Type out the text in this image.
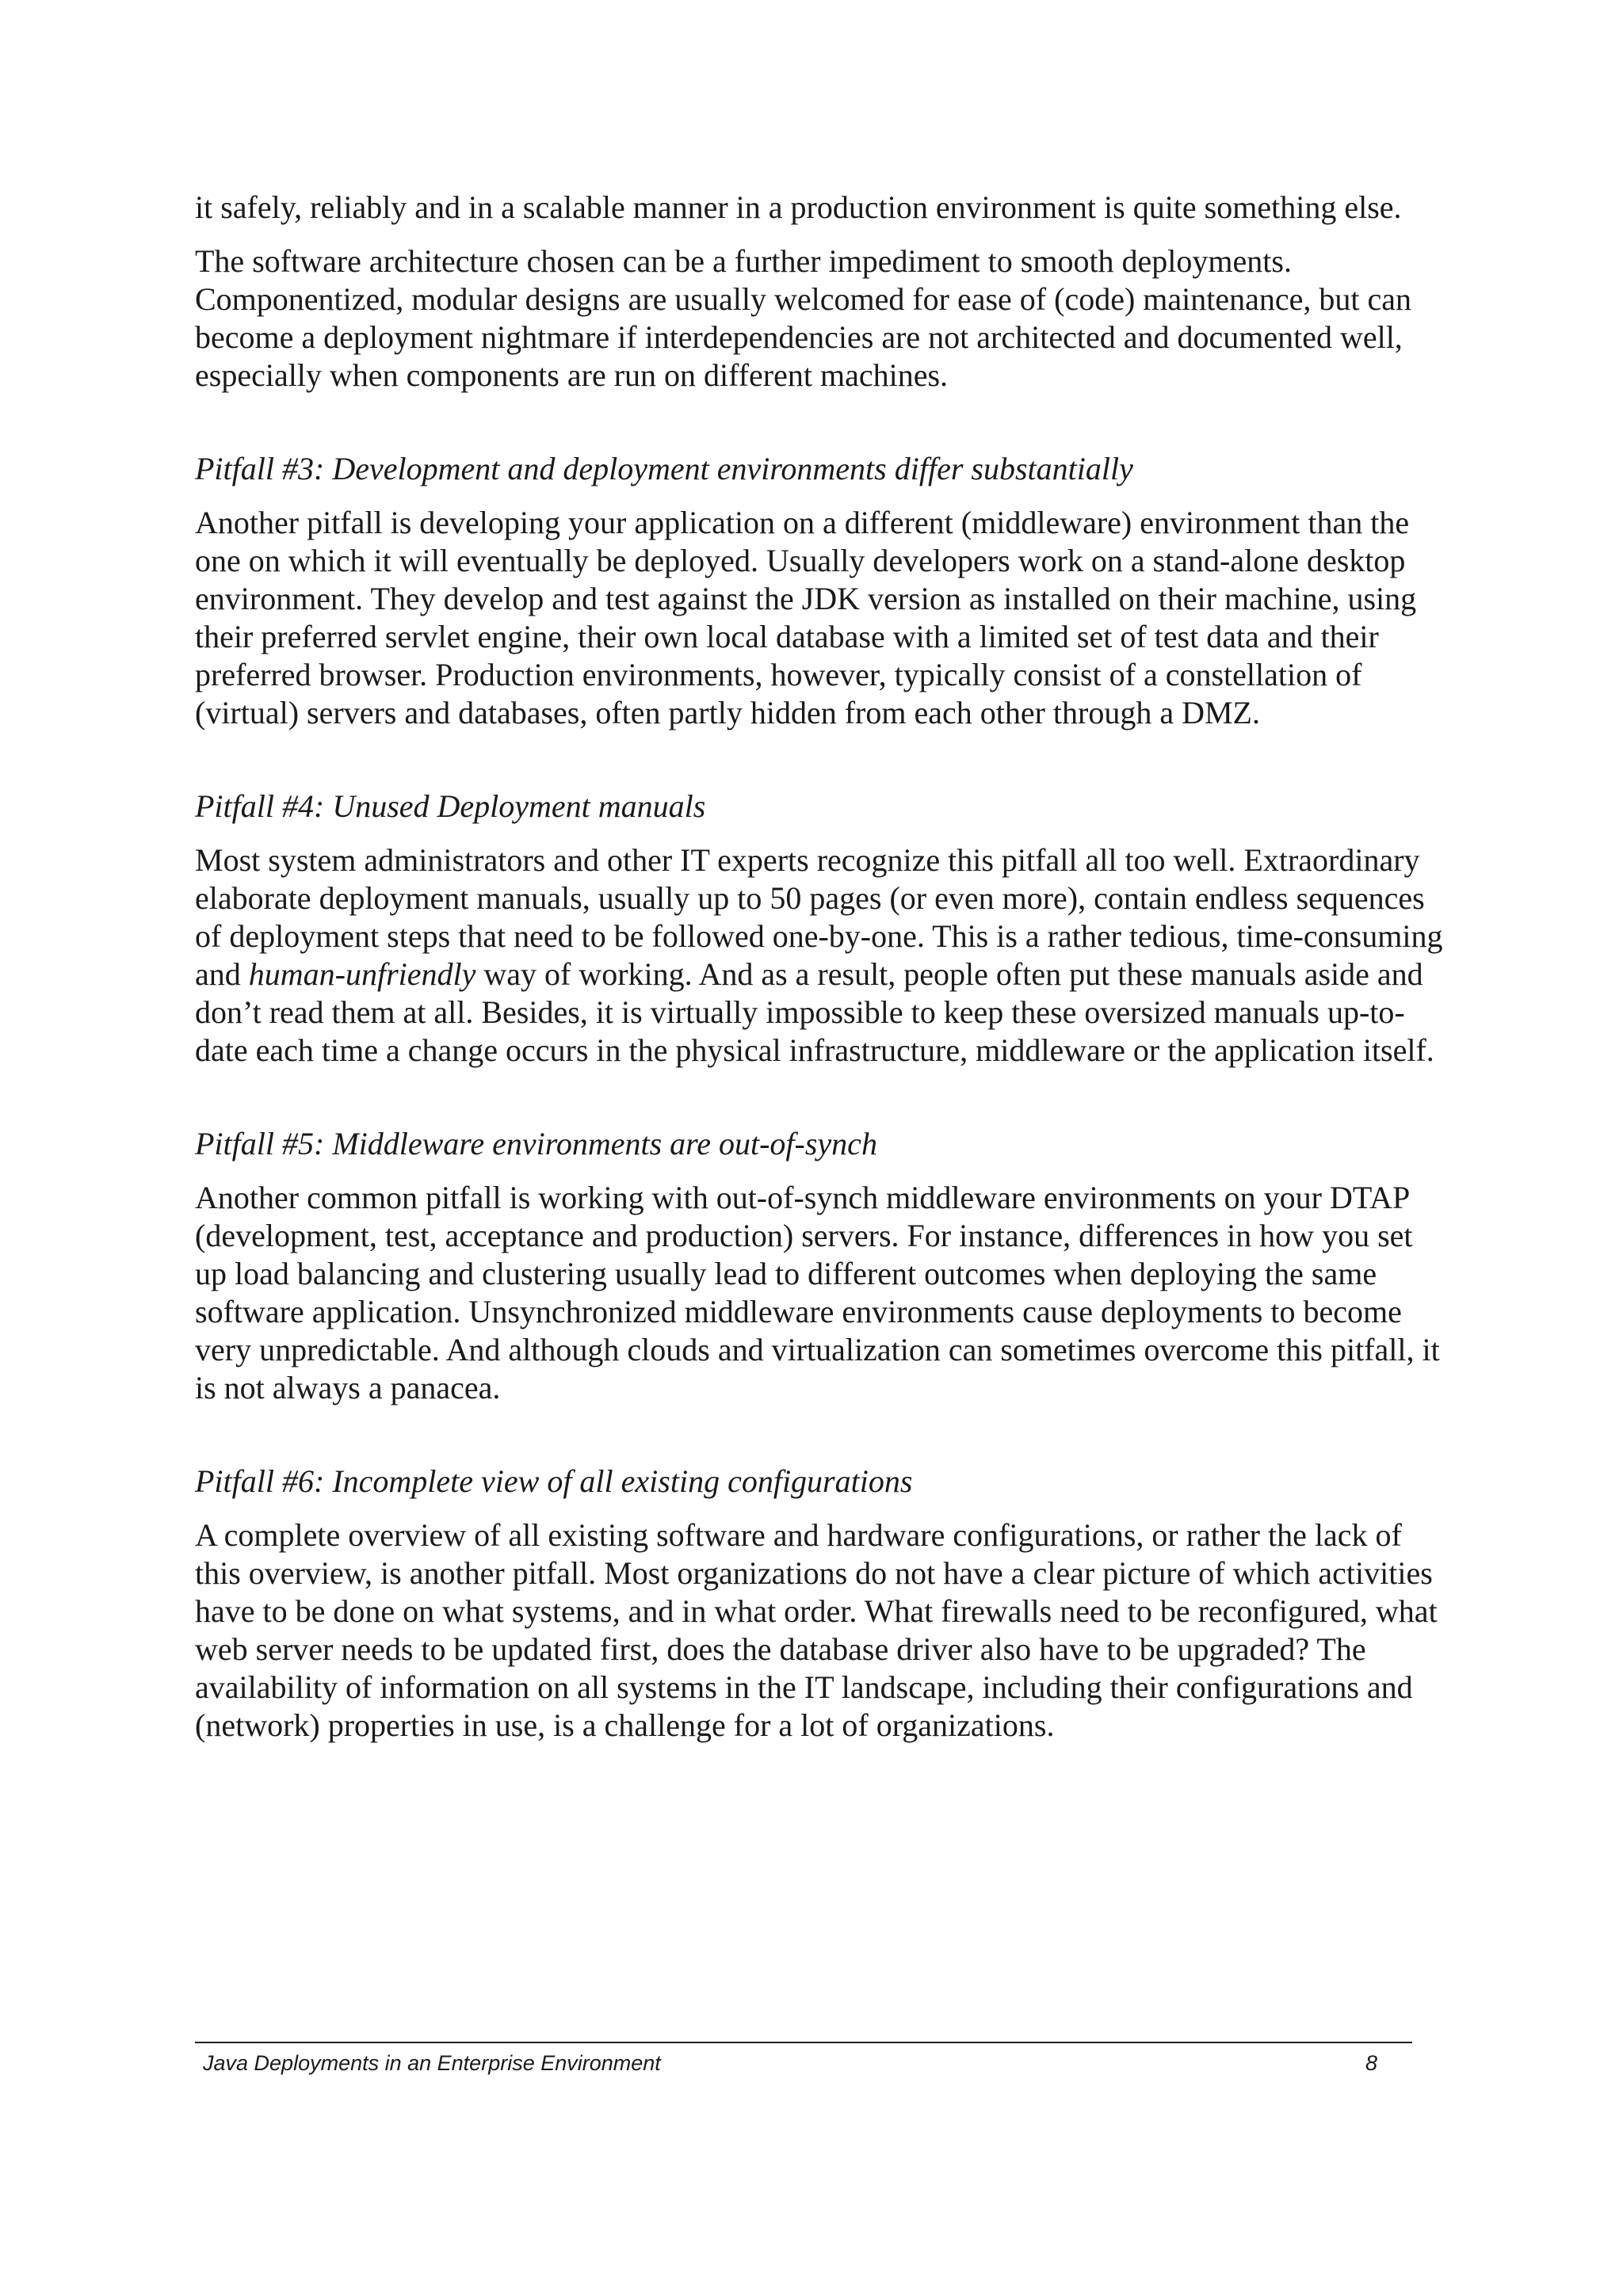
it safely, reliably and in a scalable manner in a production environment is quite something else.

The software architecture chosen can be a further impediment to smooth deployments. Componentized, modular designs are usually welcomed for ease of (code) maintenance, but can become a deployment nightmare if interdependencies are not architected and documented well, especially when components are run on different machines.

Pitfall #3: Development and deployment environments differ substantially

Another pitfall is developing your application on a different (middleware) environment than the one on which it will eventually be deployed. Usually developers work on a stand-alone desktop environment. They develop and test against the JDK version as installed on their machine, using their preferred servlet engine, their own local database with a limited set of test data and their preferred browser. Production environments, however, typically consist of a constellation of (virtual) servers and databases, often partly hidden from each other through a DMZ.

Pitfall #4: Unused Deployment manuals

Most system administrators and other IT experts recognize this pitfall all too well. Extraordinary elaborate deployment manuals, usually up to 50 pages (or even more), contain endless sequences of deployment steps that need to be followed one-by-one. This is a rather tedious, time-consuming and human-unfriendly way of working. And as a result, people often put these manuals aside and don’t read them at all. Besides, it is virtually impossible to keep these oversized manuals up-to-date each time a change occurs in the physical infrastructure, middleware or the application itself.

Pitfall #5: Middleware environments are out-of-synch

Another common pitfall is working with out-of-synch middleware environments on your DTAP (development, test, acceptance and production) servers. For instance, differences in how you set up load balancing and clustering usually lead to different outcomes when deploying the same software application. Unsynchronized middleware environments cause deployments to become very unpredictable. And although clouds and virtualization can sometimes overcome this pitfall, it is not always a panacea.

Pitfall #6: Incomplete view of all existing configurations

A complete overview of all existing software and hardware configurations, or rather the lack of this overview, is another pitfall. Most organizations do not have a clear picture of which activities have to be done on what systems, and in what order. What firewalls need to be reconfigured, what web server needs to be updated first, does the database driver also have to be upgraded? The availability of information on all systems in the IT landscape, including their configurations and (network) properties in use, is a challenge for a lot of organizations.

Java Deployments in an Enterprise Environment	8
